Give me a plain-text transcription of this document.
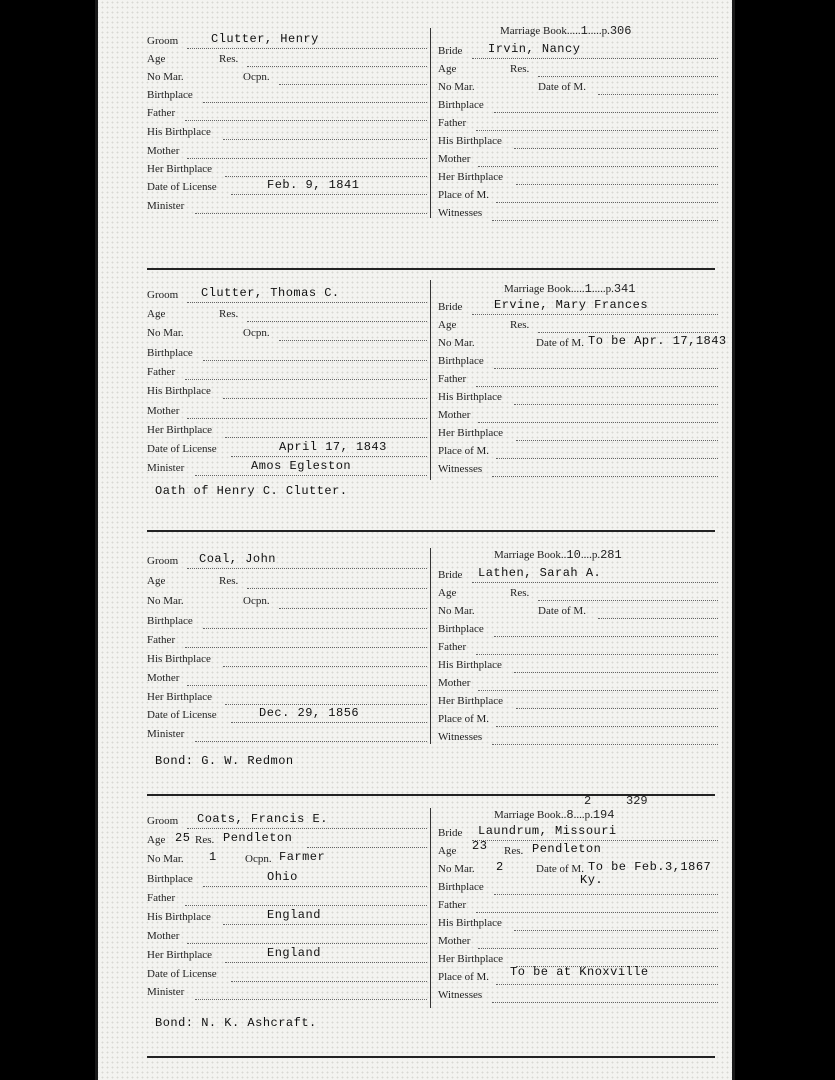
Groom	Clutter, Henry
Age	Res.
No Mar.	Ocpn.
Birthplace
Father
His Birthplace
Mother
Her Birthplace
Date of License	Feb. 9, 1841
Minister
Marriage Book.....1.....p.306
Bride Irvin, Nancy
Age	Res.
No Mar.	Date of M.
Birthplace
Father
His Birthplace
Mother
Her Birthplace
Place of M.
Witnesses
Groom Clutter, Thomas C.
Age	Res.
No Mar.	Ocpn.
Birthplace
Father
His Birthplace
Mother
Her Birthplace
Date of License	April 17, 1843
Minister	Amos Egleston
Marriage Book.....1.....p.341
Bride	Ervine, Mary Frances
Age	Res.
No Mar.	Date of M. To be Apr. 17,1843
Birthplace
Father
His Birthplace
Mother
Her Birthplace
Place of M.
Witnesses
Oath of Henry C. Clutter.
Groom Coal, John
Age	Res.
No Mar.	Ocpn.
Birthplace
Father
His Birthplace
Mother
Her Birthplace
Date of License	Dec. 29, 1856
Minister
Marriage Book..10....p.281
Bride Lathen, Sarah A.
Age	Res.
No Mar.	Date of M.
Birthplace
Father
His Birthplace
Mother
Her Birthplace
Place of M.
Witnesses
Bond: G. W. Redmon
Groom Coats, Francis E.
Age 25 Res. Pendleton
No Mar. 1	Ocpn. Farmer
Birthplace	Ohio
Father
His Birthplace	England
Mother
Her Birthplace	England
Date of License
Minister
2	329
Marriage Book..8....p.194
Bride Laundrum, Missouri
Age 23 Res. Pendleton
No Mar. 2	Date of M. To be Feb.3,1867
Birthplace	Ky.
Father
His Birthplace
Mother
Her Birthplace
Place of M. To be at Knoxville
Witnesses
Bond: N. K. Ashcraft.
